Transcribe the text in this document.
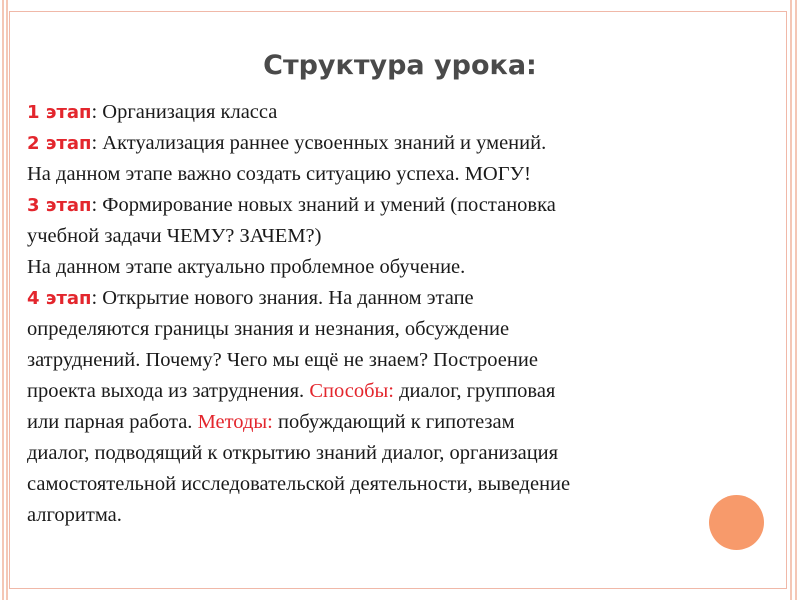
Структура урока:
1 этап: Организация класса
2 этап: Актуализация раннее усвоенных знаний и умений.
На данном этапе важно создать ситуацию успеха. МОГУ!
3 этап: Формирование новых знаний и умений (постановка
учебной задачи ЧЕМУ? ЗАЧЕМ?)
На данном этапе актуально проблемное обучение.
4 этап: Открытие нового знания. На данном этапе
определяются границы знания и незнания, обсуждение
затруднений. Почему? Чего мы ещё не знаем? Построение
проекта выхода из затруднения. Способы: диалог, групповая
или парная работа. Методы: побуждающий к гипотезам
диалог, подводящий к открытию знаний диалог, организация
самостоятельной исследовательской деятельности, выведение
алгоритма.
